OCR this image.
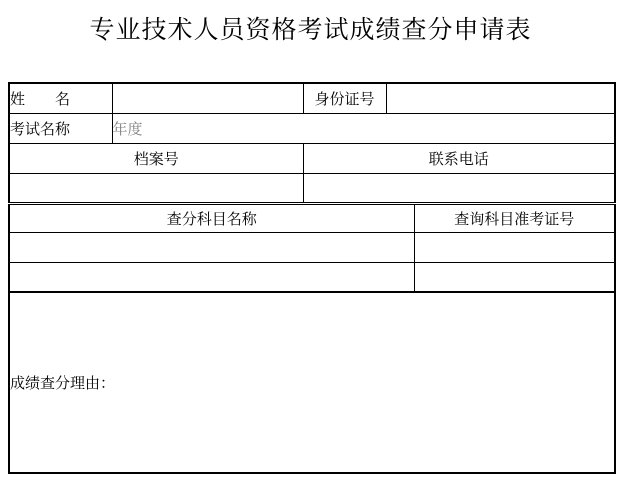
专业技术人员资格考试成绩查分申请表
姓　　名		身份证号		
考试名称	年度			
档案号		联系电话		

查分科目名称				查询科目准考证号

成绩查分理由：				
